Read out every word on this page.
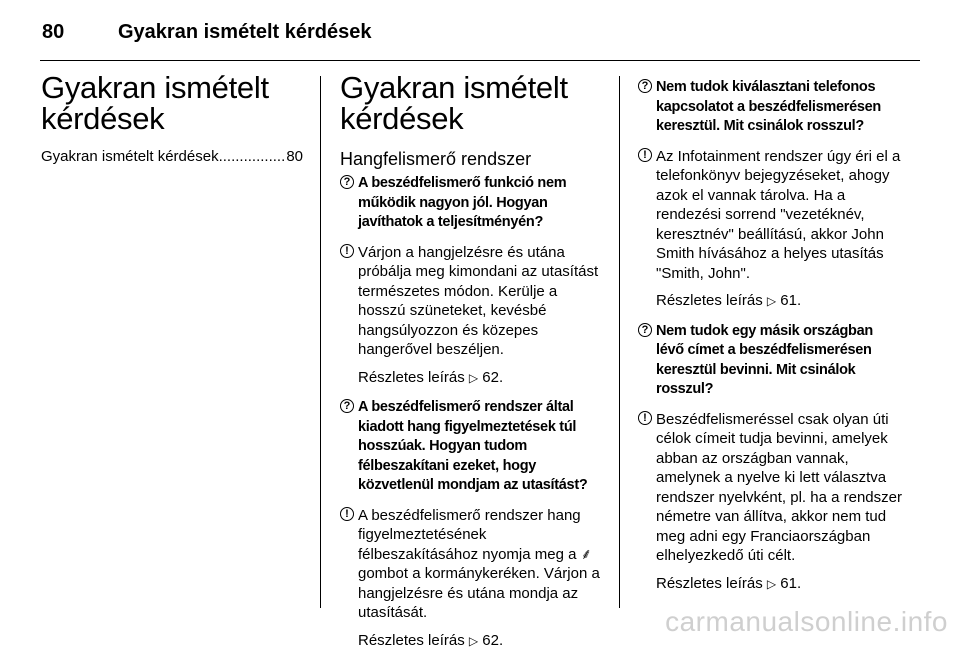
80	Gyakran ismételt kérdések
Gyakran ismételt
kérdések
Gyakran ismételt kérdések
.....	80
Gyakran ismételt
kérdések
Hangfelismerő rendszer
? A beszédfelismerő funkció nem működik nagyon jól. Hogyan javíthatok a teljesítményén?
! Várjon a hangjelzésre és utána próbálja meg kimondani az utasítást természetes módon. Kerülje a hosszú szüneteket, kevésbé hangsúlyozzon és közepes hangerővel beszéljen.
Részletes leírás ▷ 62.
? A beszédfelismerő rendszer által kiadott hang figyelmeztetések túl hosszúak. Hogyan tudom félbeszakítani ezeket, hogy közvetlenül mondjam az utasítást?
! A beszédfelismerő rendszer hang figyelmeztetésének félbeszakításához nyomja meg a ⸙ gombot a kormánykeréken. Várjon a hangjelzésre és utána mondja az utasítását.
Részletes leírás ▷ 62.
? Nem tudok kiválasztani telefonos kapcsolatot a beszédfelismerésen keresztül. Mit csinálok rosszul?
! Az Infotainment rendszer úgy éri el a telefonkönyv bejegyzéseket, ahogy azok el vannak tárolva. Ha a rendezési sorrend "vezetéknév, keresztnév" beállítású, akkor John Smith hívásához a helyes utasítás "Smith, John".
Részletes leírás ▷ 61.
? Nem tudok egy másik országban lévő címet a beszédfelismerésen keresztül bevinni. Mit csinálok rosszul?
! Beszédfelismeréssel csak olyan úti célok címeit tudja bevinni, amelyek abban az országban vannak, amelynek a nyelve ki lett választva rendszer nyelvként, pl. ha a rendszer németre van állítva, akkor nem tud meg adni egy Franciaországban elhelyezkedő úti célt.
Részletes leírás ▷ 61.
carmanualsonline.info
